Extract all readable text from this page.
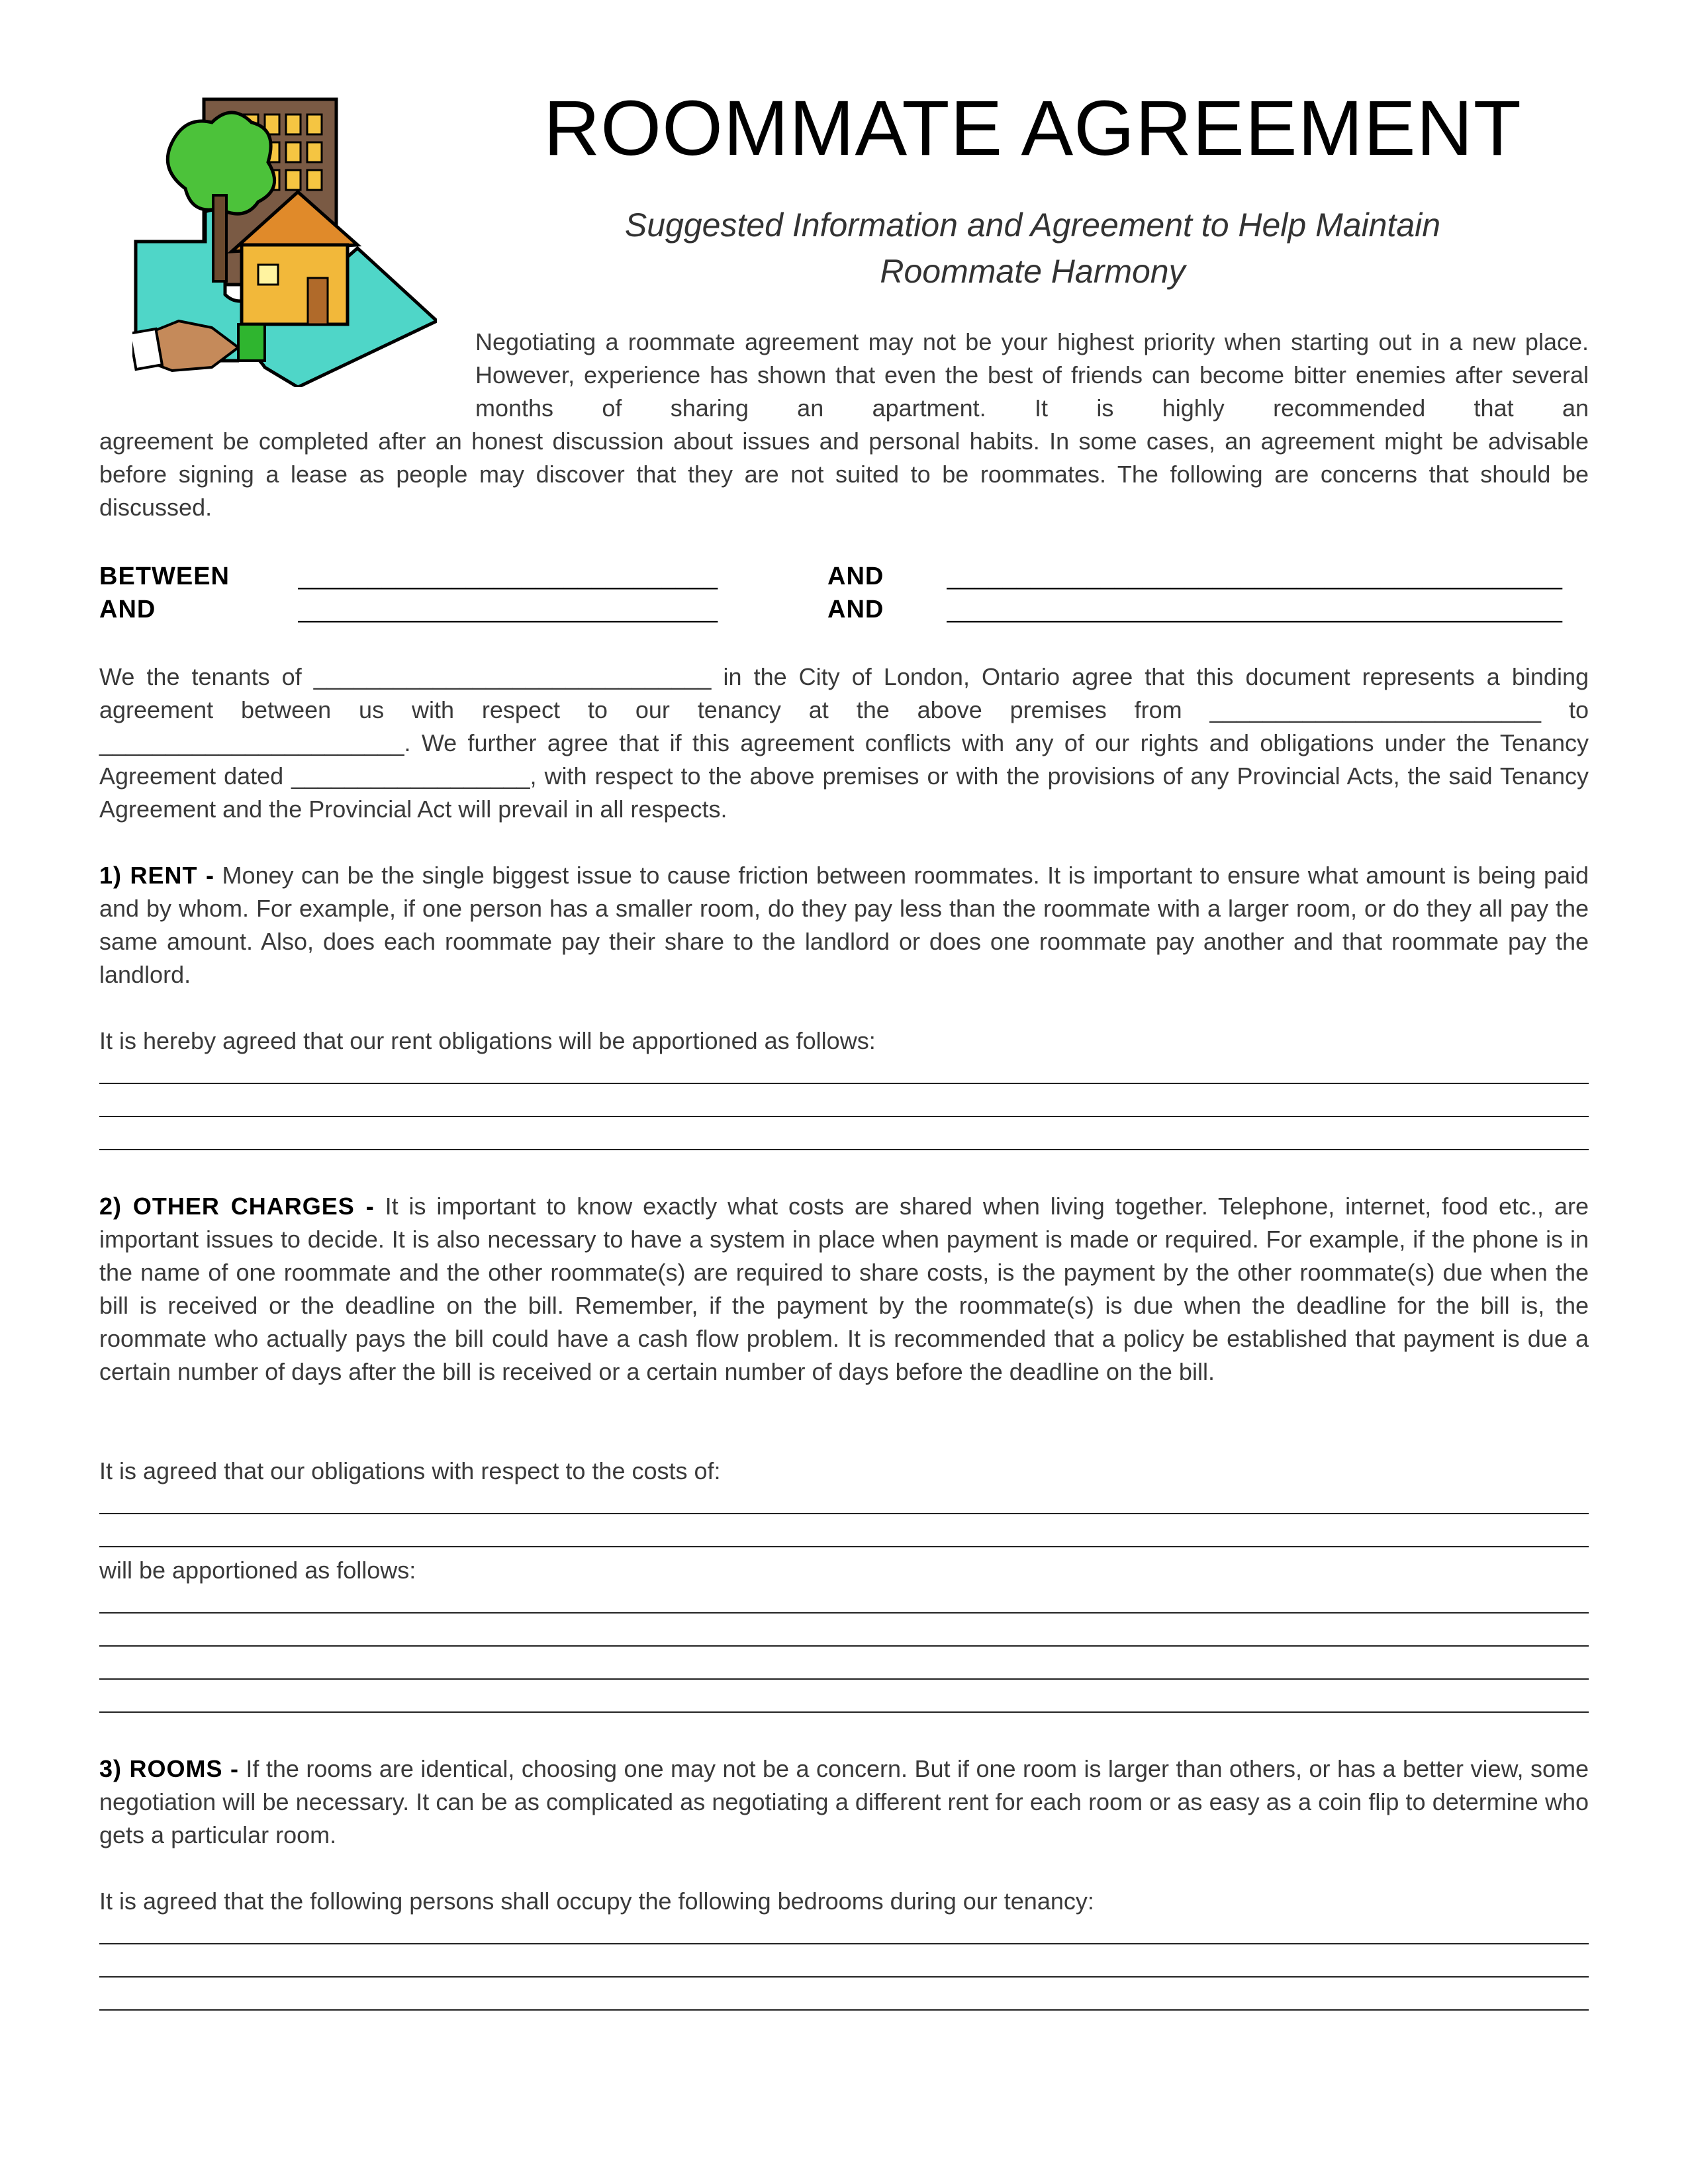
ROOMMATE AGREEMENT
Suggested Information and Agreement to Help Maintain
Roommate Harmony
Negotiating a roommate agreement may not be your highest priority when starting out in a new place. However, experience has shown that even the best of friends can become bitter enemies after several months of sharing an apartment. It is highly recommended that an
agreement be completed after an honest discussion about issues and personal habits. In some cases, an agreement might be advisable before signing a lease as people may discover that they are not suited to be roommates. The following are concerns that should be discussed.
BETWEEN	______________________________	AND ____________________________________________
AND	______________________________	AND ____________________________________________
We the tenants of ______________________________ in the City of London, Ontario agree that this document represents a binding agreement between us with respect to our tenancy at the above premises from _________________________ to _______________________. We further agree that if this agreement conflicts with any of our rights and obligations under the Tenancy Agreement dated __________________, with respect to the above premises or with the provisions of any Provincial Acts, the said Tenancy Agreement and the Provincial Act will prevail in all respects.
1) RENT - Money can be the single biggest issue to cause friction between roommates. It is important to ensure what amount is being paid and by whom. For example, if one person has a smaller room, do they pay less than the roommate with a larger room, or do they all pay the same amount. Also, does each roommate pay their share to the landlord or does one roommate pay another and that roommate pay the landlord.
It is hereby agreed that our rent obligations will be apportioned as follows:
2) OTHER CHARGES - It is important to know exactly what costs are shared when living together. Telephone, internet, food etc., are important issues to decide. It is also necessary to have a system in place when payment is made or required. For example, if the phone is in the name of one roommate and the other roommate(s) are required to share costs, is the payment by the other roommate(s) due when the bill is received or the deadline on the bill. Remember, if the payment by the roommate(s) is due when the deadline for the bill is, the roommate who actually pays the bill could have a cash flow problem. It is recommended that a policy be established that payment is due a certain number of days after the bill is received or a certain number of days before the deadline on the bill.
It is agreed that our obligations with respect to the costs of:
will be apportioned as follows:
3) ROOMS - If the rooms are identical, choosing one may not be a concern. But if one room is larger than others, or has a better view, some negotiation will be necessary. It can be as complicated as negotiating a different rent for each room or as easy as a coin flip to determine who gets a particular room.
It is agreed that the following persons shall occupy the following bedrooms during our tenancy:
